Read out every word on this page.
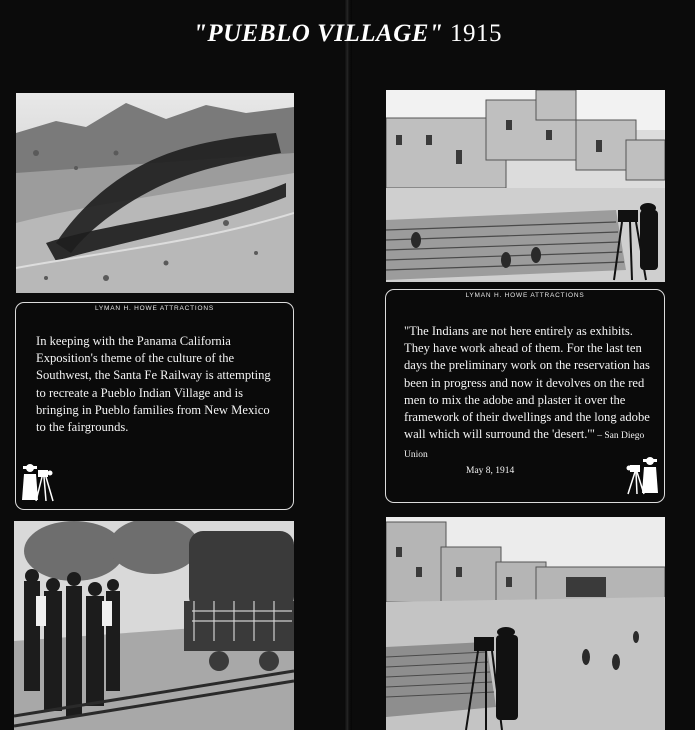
"PUEBLO VILLAGE" 1915
LYMAN H. HOWE ATTRACTIONS
In keeping with the Panama California Exposition's theme of the culture of the Southwest, the Santa Fe Railway is attempting to recreate a Pueblo Indian Village and is bringing in Pueblo families from New Mexico to the fairgrounds.
LYMAN H. HOWE ATTRACTIONS
"The Indians are not here entirely as exhibits. They have work ahead of them. For the last ten days the preliminary work on the reservation has been in progress and now it devolves on the red men to mix the adobe and plaster it over the framework of their dwellings and the long adobe wall which will surround the 'desert.'" – San Diego Union
May 8, 1914
